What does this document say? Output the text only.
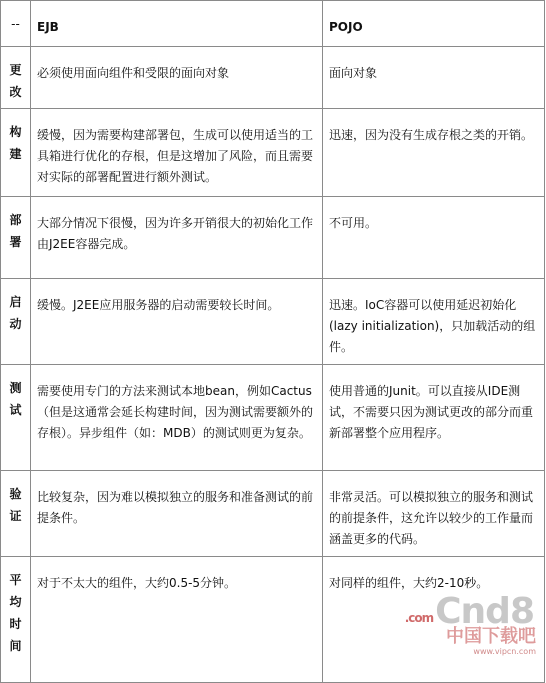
--	EJB	POJO

更改	必须使用面向组件和受限的面向对象	面向对象

构建	缓慢，因为需要构建部署包，生成可以使用适当的工具箱进行优化的存根，但是这增加了风险，而且需要对实际的部署配置进行额外测试。	迅速，因为没有生成存根之类的开销。

部署	大部分情况下很慢，因为许多开销很大的初始化工作由J2EE容器完成。	不可用。

启动	缓慢。J2EE应用服务器的启动需要较长时间。	迅速。IoC容器可以使用延迟初始化(lazy initialization)，只加载活动的组件。

测试	需要使用专门的方法来测试本地bean，例如Cactus（但是这通常会延长构建时间，因为测试需要额外的存根）。异步组件（如：MDB）的测试则更为复杂。	使用普通的Junit。可以直接从IDE测试，不需要只因为测试更改的部分而重新部署整个应用程序。

验证	比较复杂，因为难以模拟独立的服务和准备测试的前提条件。	非常灵活。可以模拟独立的服务和测试的前提条件，这允许以较少的工作量而涵盖更多的代码。

平均时间	对于不太大的组件，大约0.5-5分钟。	对同样的组件，大约2-10秒。
$^{.com}$Cnd8
中国下载吧
www.vipcn.com
